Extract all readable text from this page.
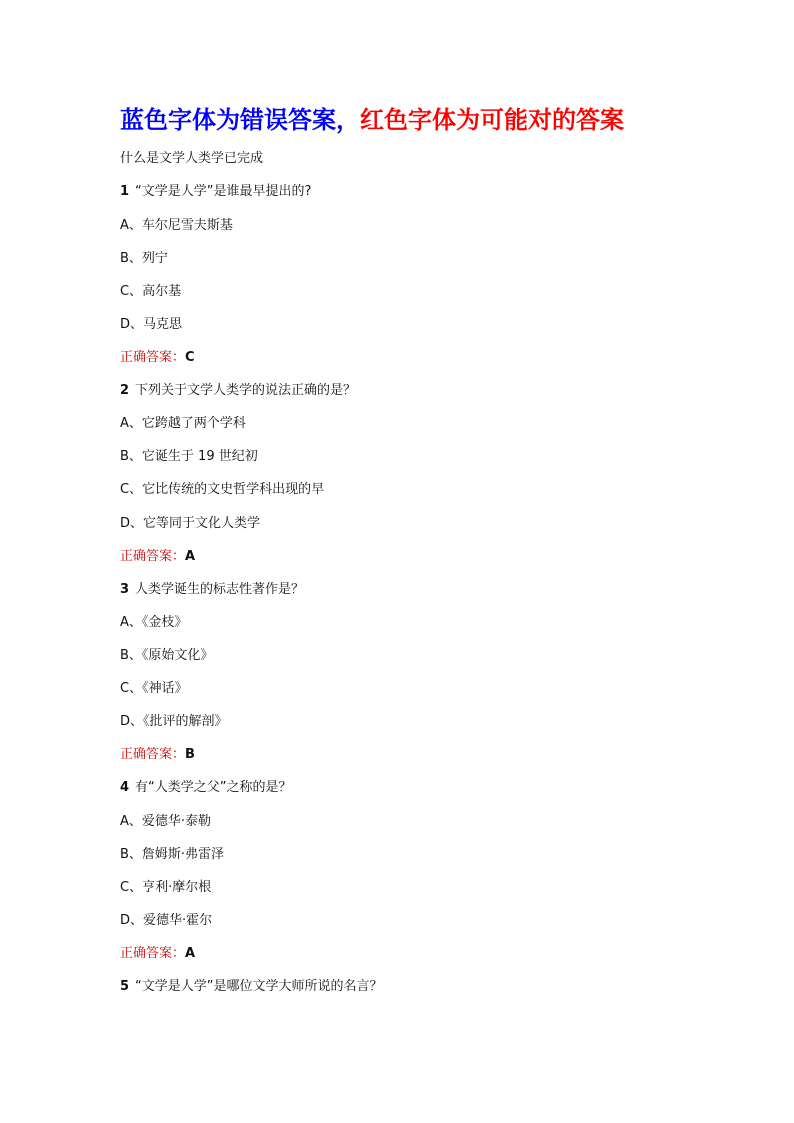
蓝色字体为错误答案，红色字体为可能对的答案
什么是文学人类学已完成
1 “文学是人学”是谁最早提出的?
A、车尔尼雪夫斯基
B、列宁
C、高尔基
D、马克思
正确答案：C
2 下列关于文学人类学的说法正确的是？
A、它跨越了两个学科
B、它诞生于 19 世纪初
C、它比传统的文史哲学科出现的早
D、它等同于文化人类学
正确答案：A
3 人类学诞生的标志性著作是？
A、《金枝》
B、《原始文化》
C、《神话》
D、《批评的解剖》
正确答案：B
4 有“人类学之父”之称的是？
A、爱德华·泰勒
B、詹姆斯·弗雷泽
C、亨利·摩尔根
D、爱德华·霍尔
正确答案：A
5 “文学是人学”是哪位文学大师所说的名言？
